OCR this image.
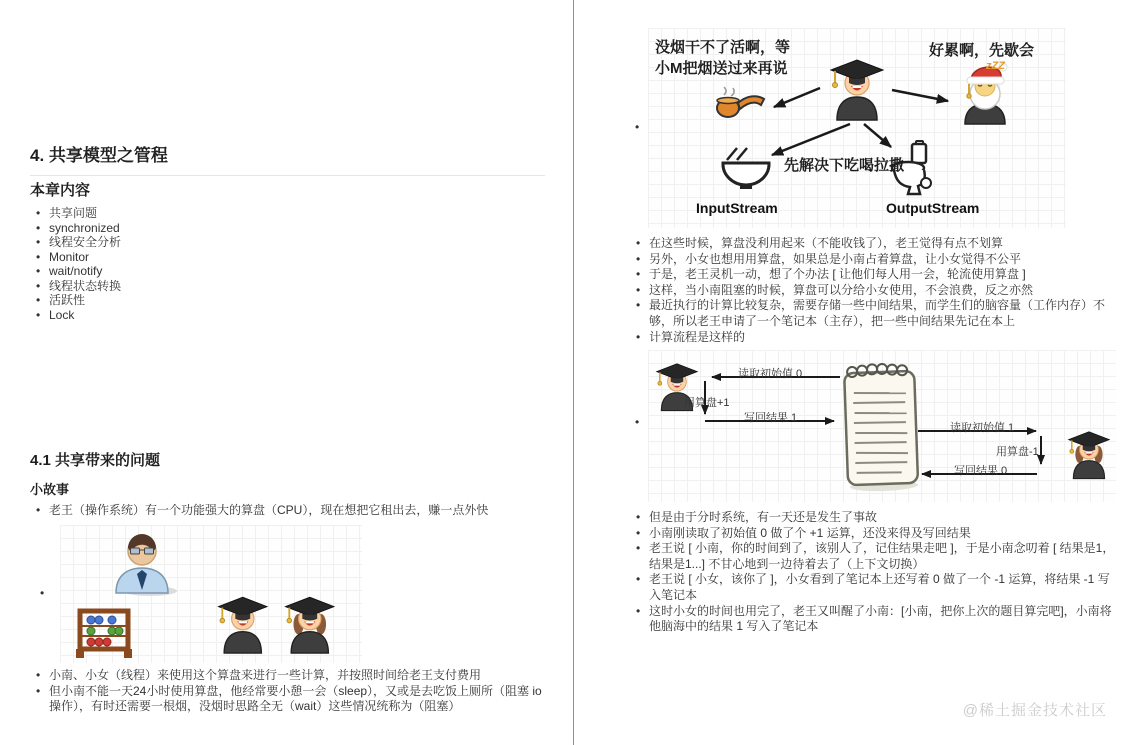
4. 共享模型之管程
本章内容
• 共享问题
• synchronized
• 线程安全分析
• Monitor
• wait/notify
• 线程状态转换
• 活跃性
• Lock
4.1 共享带来的问题
小故事
• 老王（操作系统）有一个功能强大的算盘（CPU），现在想把它租出去，赚一点外快
•
• 小南、小女（线程）来使用这个算盘来进行一些计算，并按照时间给老王支付费用
• 但小南不能一天24小时使用算盘，他经常要小憩一会（sleep），又或是去吃饭上厕所（阻塞 io 操作），有时还需要一根烟，没烟时思路全无（wait）这些情况统称为（阻塞）
•
没烟干不了活啊，等
小M把烟送过来再说
好累啊，先歇会
zZZ
先解决下吃喝拉撒
InputStream	OutputStream
• 在这些时候，算盘没利用起来（不能收钱了），老王觉得有点不划算
• 另外，小女也想用用算盘，如果总是小南占着算盘，让小女觉得不公平
• 于是，老王灵机一动，想了个办法 [ 让他们每人用一会，轮流使用算盘 ]
• 这样，当小南阻塞的时候，算盘可以分给小女使用，不会浪费，反之亦然
• 最近执行的计算比较复杂，需要存储一些中间结果，而学生们的脑容量（工作内存）不够，所以老王申请了一个笔记本（主存），把一些中间结果先记在本上
• 计算流程是这样的
•
用算盘+1
读取初始值 0
写回结果 1
读取初始值 1
用算盘-1
写回结果 0
• 但是由于分时系统，有一天还是发生了事故
• 小南刚读取了初始值 0 做了个 +1 运算，还没来得及写回结果
• 老王说 [ 小南，你的时间到了，该别人了，记住结果走吧 ]，于是小南念叨着 [ 结果是1，结果是1...] 不甘心地到一边待着去了（上下文切换）
• 老王说 [ 小女，该你了 ]，小女看到了笔记本上还写着 0 做了一个 -1 运算，将结果 -1 写入笔记本
• 这时小女的时间也用完了，老王又叫醒了小南：[小南，把你上次的题目算完吧]，小南将他脑海中的结果 1 写入了笔记本
@稀土掘金技术社区
